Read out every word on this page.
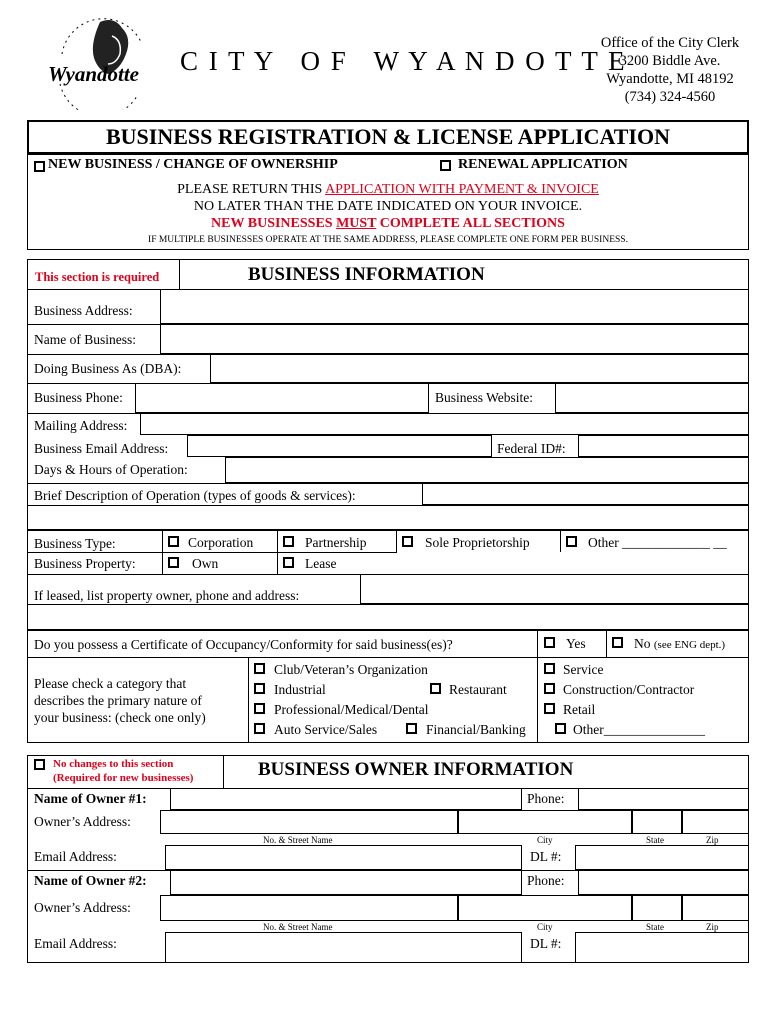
Wyandotte C I T Y   O F   W Y A N D O T T E
Office of the City Clerk
3200 Biddle Ave.
Wyandotte, MI 48192
(734) 324-4560
BUSINESS REGISTRATION & LICENSE APPLICATION
NEW BUSINESS / CHANGE OF OWNERSHIP	RENEWAL APPLICATION
PLEASE RETURN THIS APPLICATION WITH PAYMENT & INVOICE
NO LATER THAN THE DATE INDICATED ON YOUR INVOICE.
NEW BUSINESSES MUST COMPLETE ALL SECTIONS
IF MULTIPLE BUSINESSES OPERATE AT THE SAME ADDRESS, PLEASE COMPLETE ONE FORM PER BUSINESS.
This section is required	BUSINESS INFORMATION
Business Address:
Name of Business:
Doing Business As (DBA):
Business Phone:	Business Website:
Mailing Address:
Business Email Address:	Federal ID#:
Days & Hours of Operation:
Brief Description of Operation (types of goods & services):
Business Type:	Corporation	Partnership	Sole Proprietorship	Other _____________ __
Business Property:	Own	Lease
If leased, list property owner, phone and address:
Do you possess a Certificate of Occupancy/Conformity for said business(es)?	Yes	No (see ENG dept.)
Please check a category that
describes the primary nature of
your business: (check one only)
Club/Veteran’s Organization
Industrial	Restaurant
Professional/Medical/Dental
Auto Service/Sales	Financial/Banking
Service
Construction/Contractor
Retail
Other_______________
No changes to this section
(Required for new businesses)	BUSINESS OWNER INFORMATION
Name of Owner #1:	Phone:
Owner’s Address:
No. & Street Name	City	State	Zip
Email Address:	DL #:
Name of Owner #2:	Phone:
Owner’s Address:
No. & Street Name	City	State	Zip
Email Address:	DL #:
